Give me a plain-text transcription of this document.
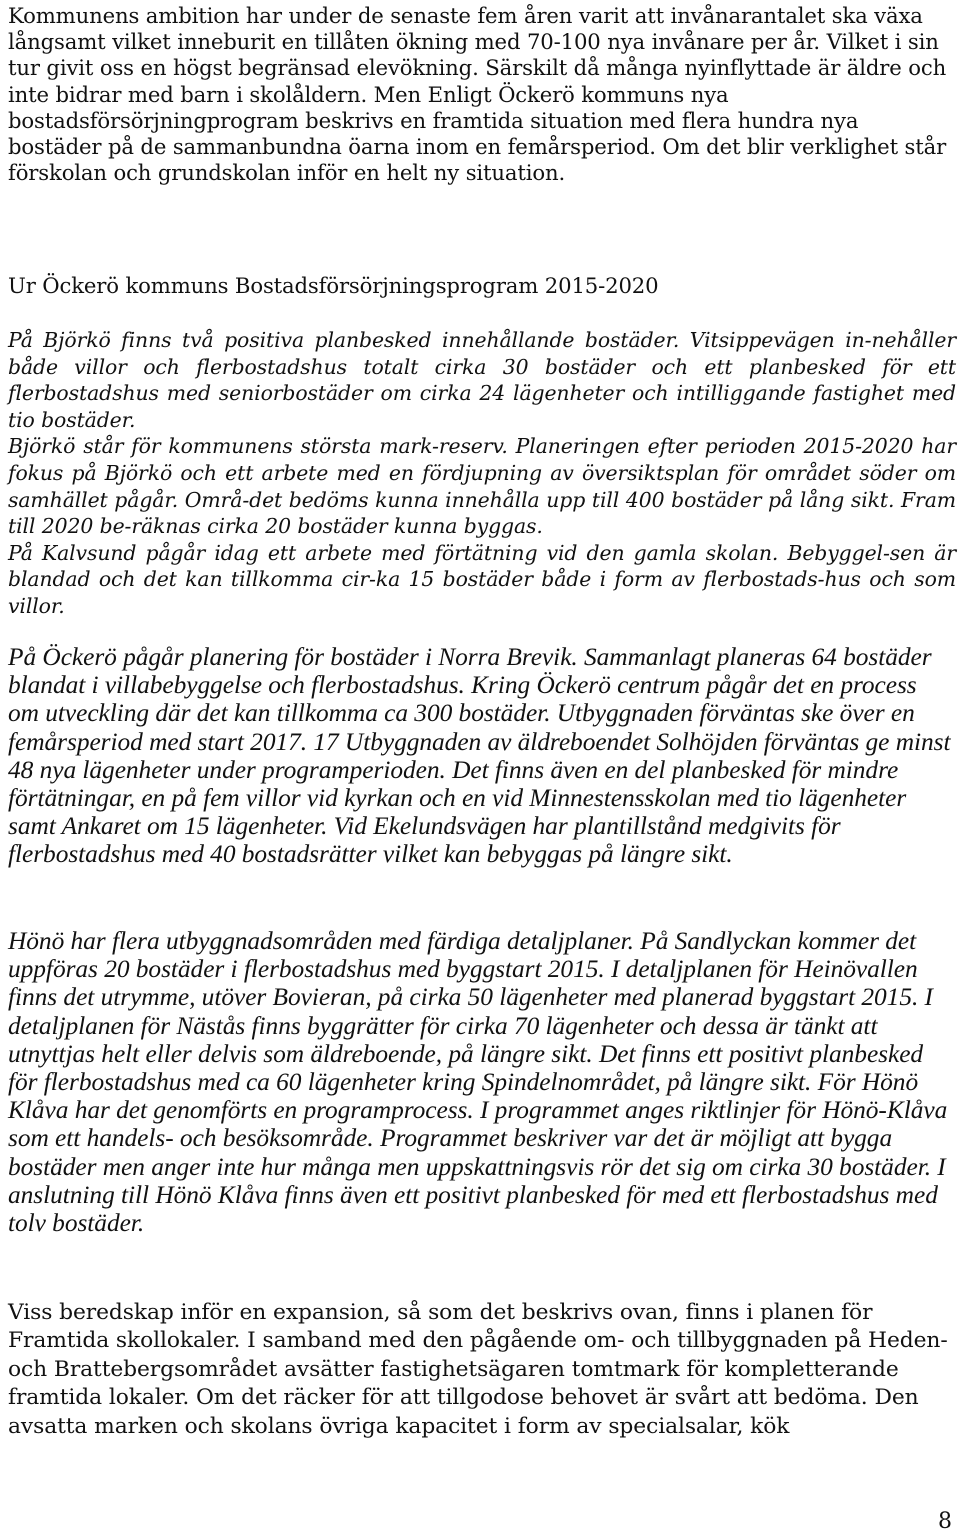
Kommunens ambition har under de senaste fem åren varit att invånarantalet ska växa långsamt vilket inneburit en tillåten ökning med 70-100 nya invånare per år. Vilket i sin tur givit oss en högst begränsad elevökning. Särskilt då många nyinflyttade är äldre och inte bidrar med barn i skolåldern. Men Enligt Öckerö kommuns nya bostadsförsörjningprogram beskrivs en framtida situation med flera hundra nya bostäder på de sammanbundna öarna inom en femårsperiod. Om det blir verklighet står förskolan och grundskolan inför en helt ny situation.

Ur Öckerö kommuns Bostadsförsörjningsprogram 2015-2020

På Björkö finns två positiva planbesked innehållande bostäder. Vitsippevägen in-nehåller både villor och flerbostadshus totalt cirka 30 bostäder och ett planbesked för ett flerbostadshus med seniorbostäder om cirka 24 lägenheter och intilliggande fastighet med tio bostäder.

Björkö står för kommunens största mark-reserv. Planeringen efter perioden 2015-2020 har fokus på Björkö och ett arbete med en fördjupning av översiktsplan för området söder om samhället pågår. Områ-det bedöms kunna innehålla upp till 400 bostäder på lång sikt. Fram till 2020 be-räknas cirka 20 bostäder kunna byggas.

På Kalvsund pågår idag ett arbete med förtätning vid den gamla skolan. Bebyggel-sen är blandad och det kan tillkomma cir-ka 15 bostäder både i form av flerbostads-hus och som villor.

På Öckerö pågår planering för bostäder i Norra Brevik. Sammanlagt planeras 64 bostäder blandat i villabebyggelse och flerbostadshus. Kring Öckerö centrum pågår det en process om utveckling där det kan tillkomma ca 300 bostäder. Utbyggnaden förväntas ske över en femårsperiod med start 2017. 17 Utbyggnaden av äldreboendet Solhöjden förväntas ge minst 48 nya lägenheter under programperioden. Det finns även en del planbesked för mindre förtätningar, en på fem villor vid kyrkan och en vid Minnestensskolan med tio lägenheter samt Ankaret om 15 lägenheter. Vid Ekelundsvägen har plantillstånd medgivits för flerbostadshus med 40 bostadsrätter vilket kan bebyggas på längre sikt.

Hönö har flera utbyggnadsområden med färdiga detaljplaner. På Sandlyckan kommer det uppföras 20 bostäder i flerbostadshus med byggstart 2015. I detaljplanen för Heinövallen finns det utrymme, utöver Bovieran, på cirka 50 lägenheter med planerad byggstart 2015. I detaljplanen för Nästås finns byggrätter för cirka 70 lägenheter och dessa är tänkt att utnyttjas helt eller delvis som äldreboende, på längre sikt. Det finns ett positivt planbesked för flerbostadshus med ca 60 lägenheter kring Spindelnområdet, på längre sikt. För Hönö Klåva har det genomförts en programprocess. I programmet anges riktlinjer för Hönö-Klåva som ett handels- och besöksområde. Programmet beskriver var det är möjligt att bygga bostäder men anger inte hur många men uppskattningsvis rör det sig om cirka 30 bostäder. I anslutning till Hönö Klåva finns även ett positivt planbesked för med ett flerbostadshus med tolv bostäder.

Viss beredskap inför en expansion, så som det beskrivs ovan, finns i planen för Framtida skollokaler. I samband med den pågående om- och tillbyggnaden på Heden- och Brattebergsområdet avsätter fastighetsägaren tomtmark för kompletterande framtida lokaler. Om det räcker för att tillgodose behovet är svårt att bedöma. Den avsatta marken och skolans övriga kapacitet i form av specialsalar, kök

8
